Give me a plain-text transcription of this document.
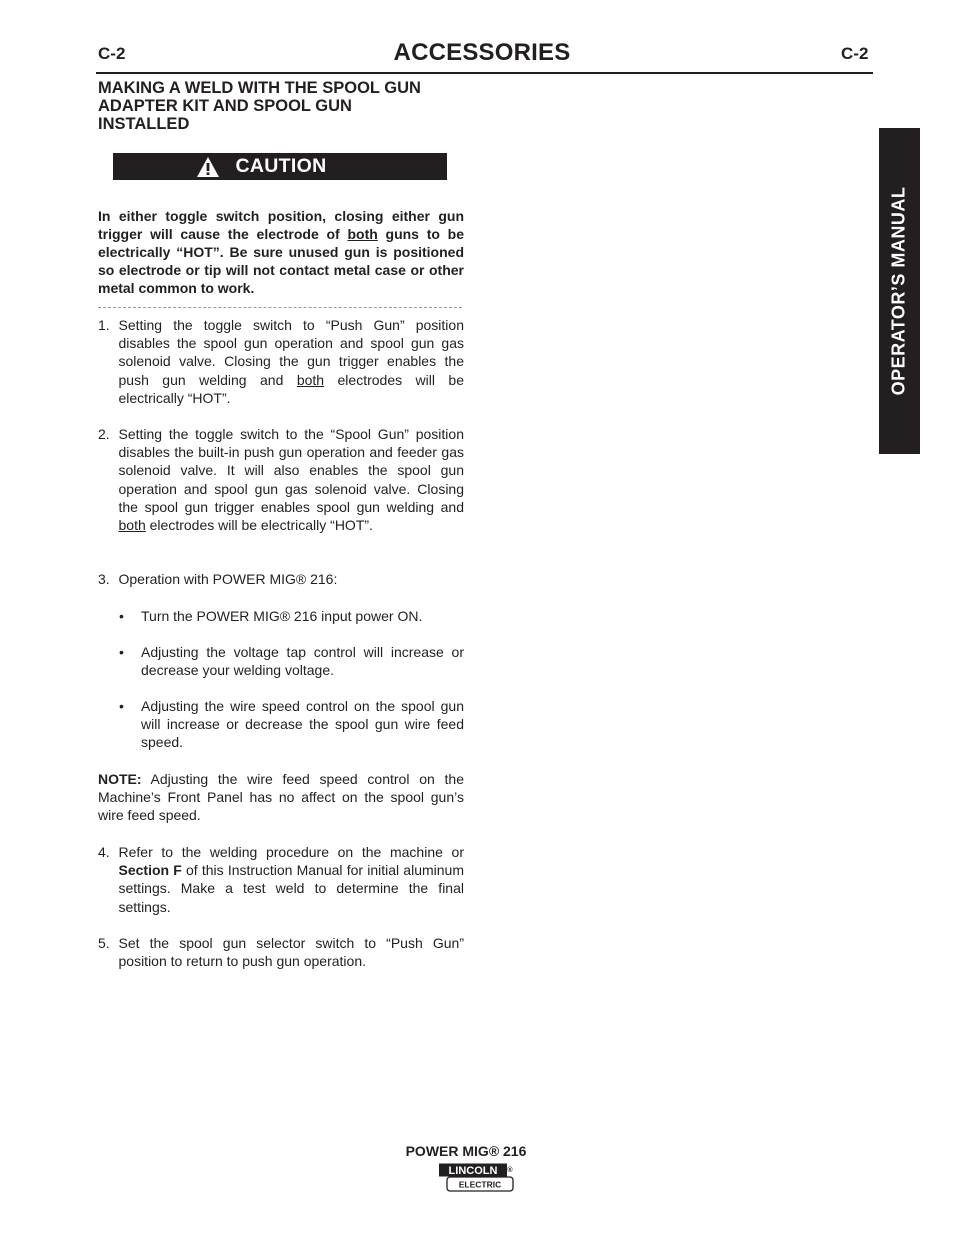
C-2	ACCESSORIES	C-2
MAKING A WELD WITH THE SPOOL GUN
ADAPTER KIT AND SPOOL GUN
INSTALLED
CAUTION

In either toggle switch position, closing either gun trigger will cause the electrode of both guns to be electrically “HOT”. Be sure unused gun is positioned so electrode or tip will not contact metal case or other metal common to work.

1. Setting the toggle switch to “Push Gun” position disables the spool gun operation and spool gun gas solenoid valve. Closing the gun trigger enables the push gun welding and both electrodes will be electrically “HOT”.
2. Setting the toggle switch to the “Spool Gun” position disables the built-in push gun operation and feeder gas solenoid valve. It will also enables the spool gun operation and spool gun gas solenoid valve. Closing the spool gun trigger enables spool gun welding and both electrodes will be electrically “HOT”.
3. Operation with POWER MIG® 216:
• Turn the POWER MIG® 216 input power ON.
• Adjusting the voltage tap control will increase or decrease your welding voltage.
• Adjusting the wire speed control on the spool gun will increase or decrease the spool gun wire feed speed.
NOTE: Adjusting the wire feed speed control on the Machine’s Front Panel has no affect on the spool gun’s wire feed speed.
4. Refer to the welding procedure on the machine or Section F of this Instruction Manual for initial aluminum settings. Make a test weld to determine the final settings.
5. Set the spool gun selector switch to “Push Gun” position to return to push gun operation.
OPERATOR’S MANUAL
POWER MIG® 216
LINCOLN ®
ELECTRIC
